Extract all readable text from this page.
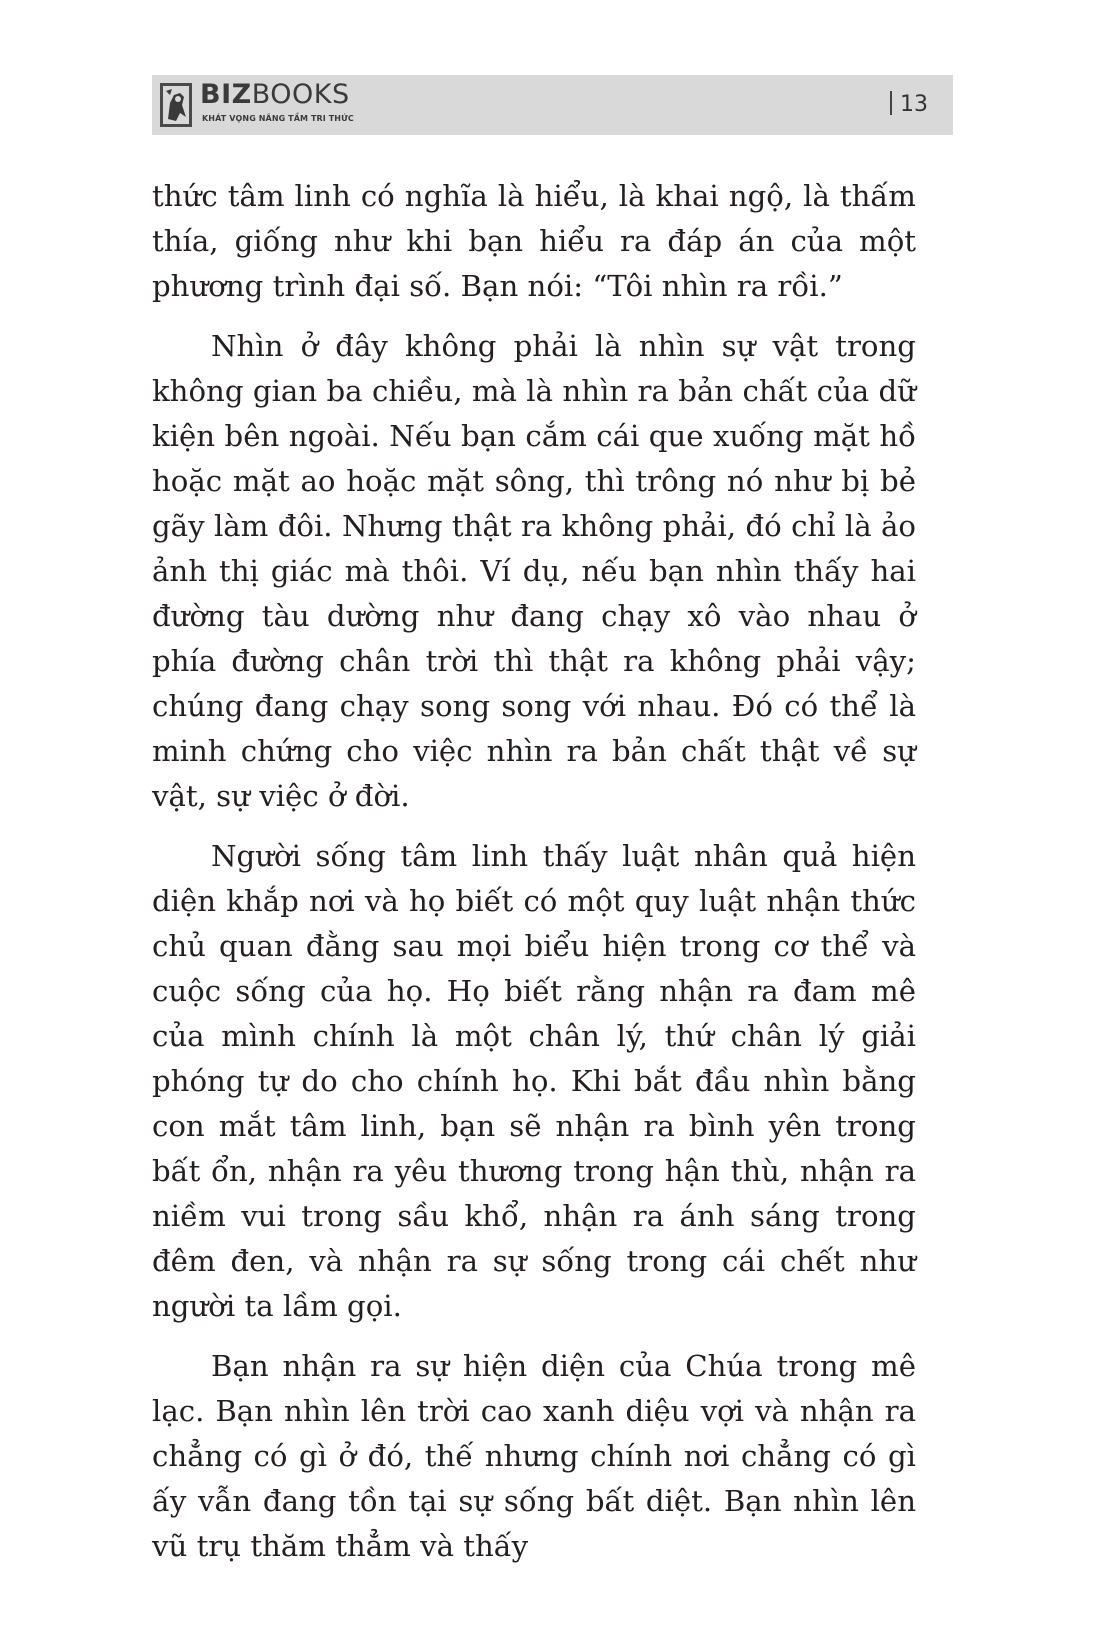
BIZBOOKS
KHÁT VỌNG NÂNG TẦM TRI THỨC
13

thức tâm linh có nghĩa là hiểu, là khai ngộ, là thấm thía, giống như khi bạn hiểu ra đáp án của một phương trình đại số. Bạn nói: “Tôi nhìn ra rồi.”

Nhìn ở đây không phải là nhìn sự vật trong không gian ba chiều, mà là nhìn ra bản chất của dữ kiện bên ngoài. Nếu bạn cắm cái que xuống mặt hồ hoặc mặt ao hoặc mặt sông, thì trông nó như bị bẻ gãy làm đôi. Nhưng thật ra không phải, đó chỉ là ảo ảnh thị giác mà thôi. Ví dụ, nếu bạn nhìn thấy hai đường tàu dường như đang chạy xô vào nhau ở phía đường chân trời thì thật ra không phải vậy; chúng đang chạy song song với nhau. Đó có thể là minh chứng cho việc nhìn ra bản chất thật về sự vật, sự việc ở đời.

Người sống tâm linh thấy luật nhân quả hiện diện khắp nơi và họ biết có một quy luật nhận thức chủ quan đằng sau mọi biểu hiện trong cơ thể và cuộc sống của họ. Họ biết rằng nhận ra đam mê của mình chính là một chân lý, thứ chân lý giải phóng tự do cho chính họ. Khi bắt đầu nhìn bằng con mắt tâm linh, bạn sẽ nhận ra bình yên trong bất ổn, nhận ra yêu thương trong hận thù, nhận ra niềm vui trong sầu khổ, nhận ra ánh sáng trong đêm đen, và nhận ra sự sống trong cái chết như người ta lầm gọi.

Bạn nhận ra sự hiện diện của Chúa trong mê lạc. Bạn nhìn lên trời cao xanh diệu vợi và nhận ra chẳng có gì ở đó, thế nhưng chính nơi chẳng có gì ấy vẫn đang tồn tại sự sống bất diệt. Bạn nhìn lên vũ trụ thăm thẳm và thấy
